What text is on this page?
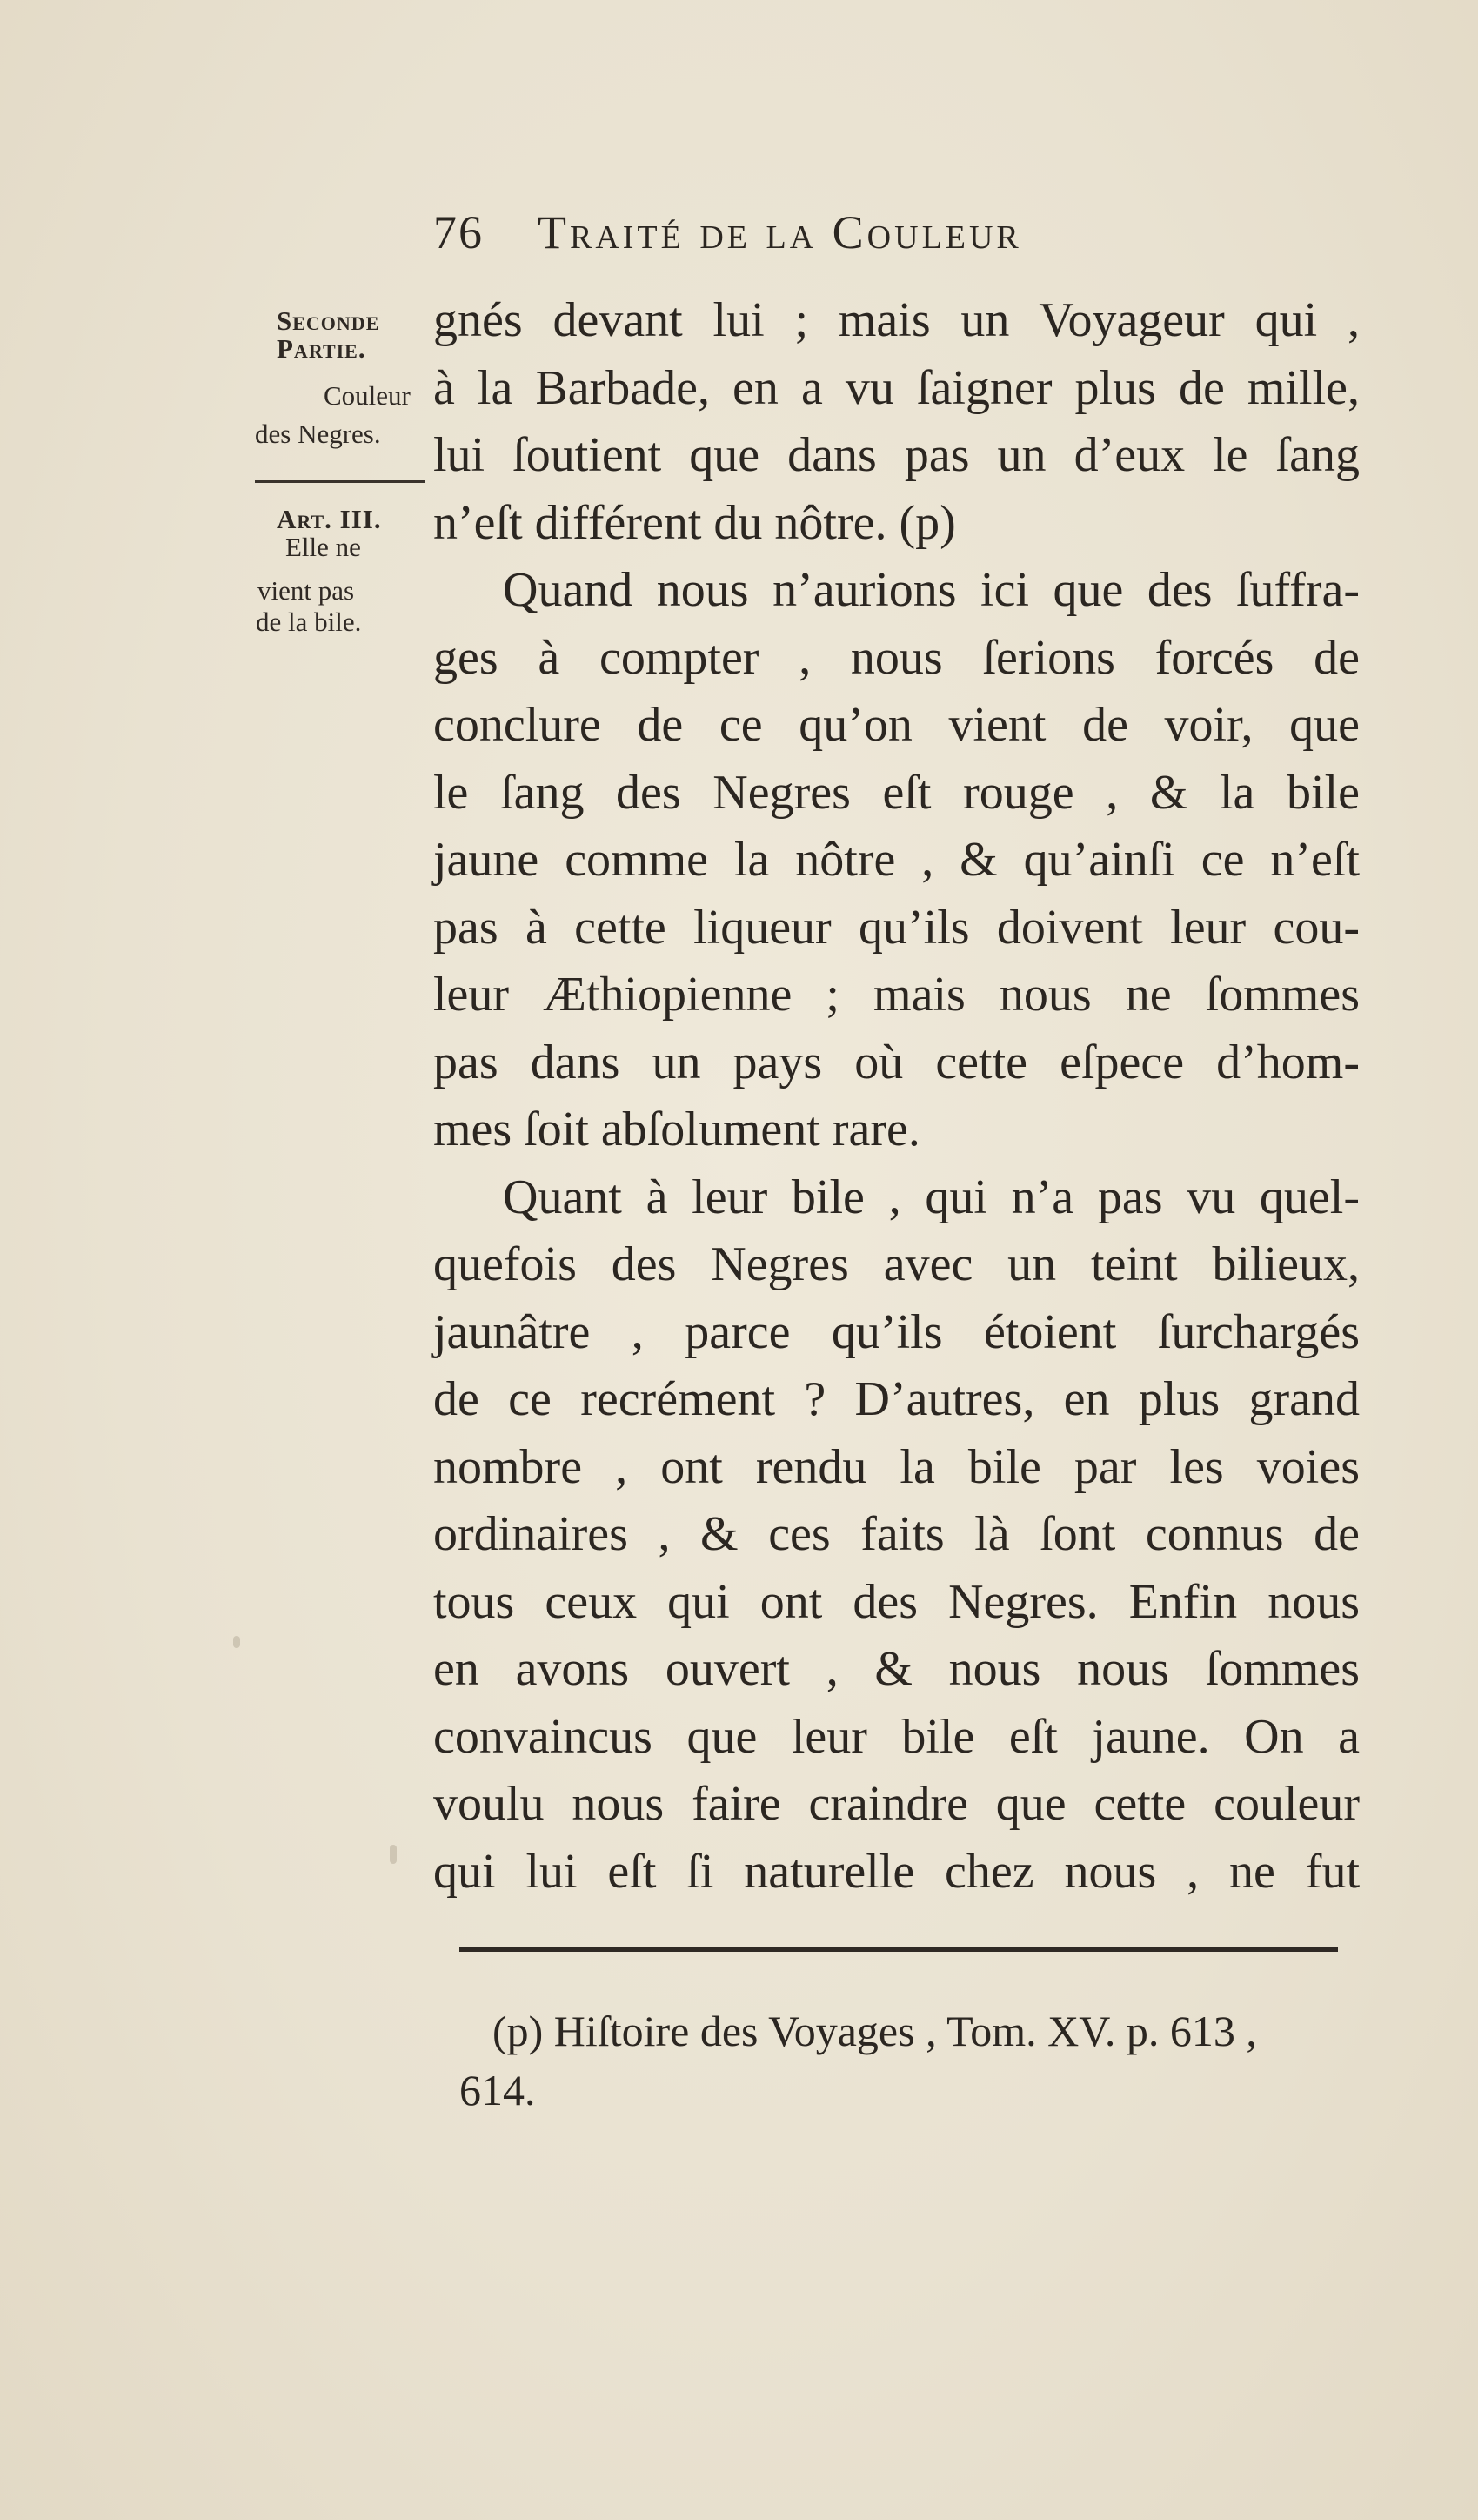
76 Traité de la Couleur
Seconde
Partie.
Couleur
des Negres.
Art. III.
Elle ne
vient pas
de la bile.
gnés devant lui ; mais un Voyageur qui ,
à la Barbade, en a vu ſaigner plus de mille,
lui ſoutient que dans pas un d’eux le ſang
n’eſt différent du nôtre. (p)
Quand nous n’aurions ici que des ſuffra-
ges à compter , nous ſerions forcés de
conclure de ce qu’on vient de voir, que
le ſang des Negres eſt rouge , & la bile
jaune comme la nôtre , & qu’ainſi ce n’eſt
pas à cette liqueur qu’ils doivent leur cou-
leur Æthiopienne ; mais nous ne ſommes
pas dans un pays où cette eſpece d’hom-
mes ſoit abſolument rare.
Quant à leur bile , qui n’a pas vu quel-
quefois des Negres avec un teint bilieux,
jaunâtre , parce qu’ils étoient ſurchargés
de ce recrément ? D’autres, en plus grand
nombre , ont rendu la bile par les voies
ordinaires , & ces faits là ſont connus de
tous ceux qui ont des Negres. Enfin nous
en avons ouvert , & nous nous ſommes
convaincus que leur bile eſt jaune. On a
voulu nous faire craindre que cette couleur
qui lui eſt ſi naturelle chez nous , ne fut
(p) Hiſtoire des Voyages , Tom. XV. p. 613 ,
614.
